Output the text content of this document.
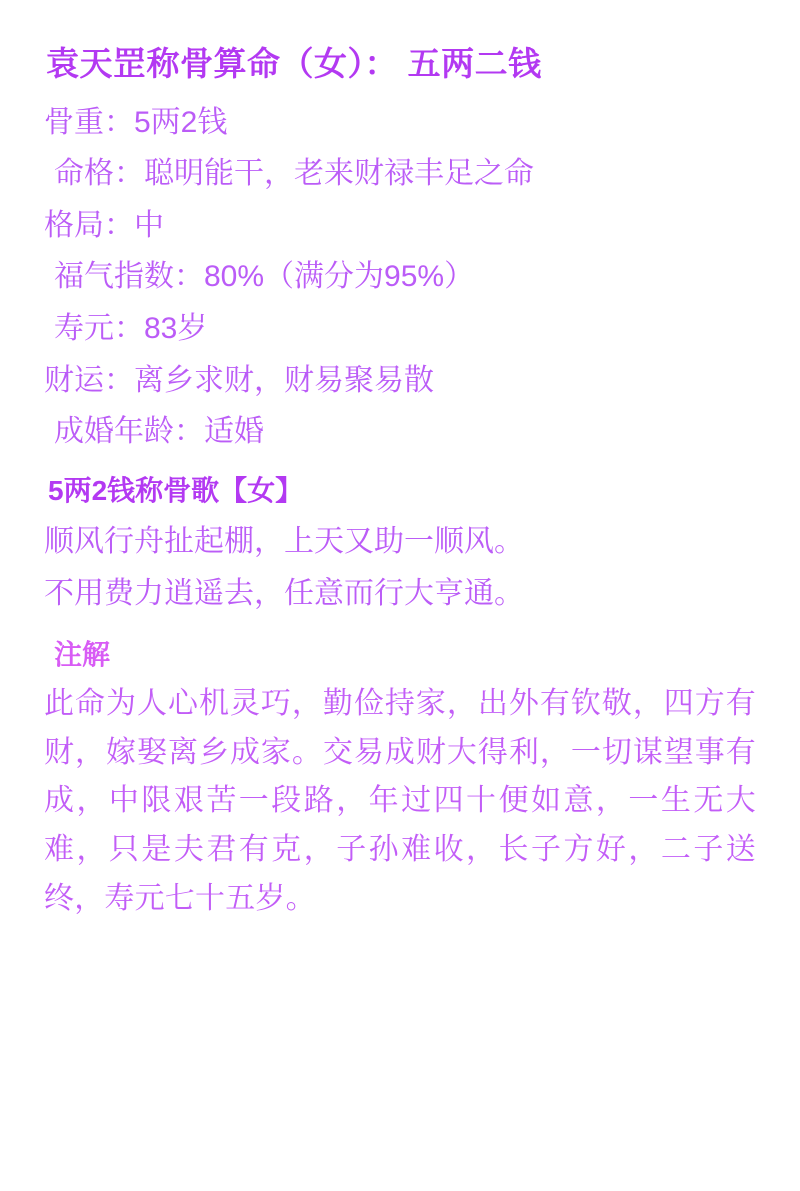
袁天罡称骨算命（女）： 五两二钱
骨重：5两2钱
命格：聪明能干，老来财禄丰足之命
格局：中
福气指数：80%（满分为95%）
寿元：83岁
财运：离乡求财，财易聚易散
成婚年龄：适婚
5两2钱称骨歌【女】
顺风行舟扯起棚，上天又助一顺风。
不用费力逍遥去，任意而行大亨通。
注解
此命为人心机灵巧，勤俭持家，出外有钦敬，四方有财，嫁娶离乡成家。交易成财大得利，一切谋望事有成，中限艰苦一段路，年过四十便如意，一生无大难，只是夫君有克，子孙难收，长子方好，二子送终，寿元七十五岁。
